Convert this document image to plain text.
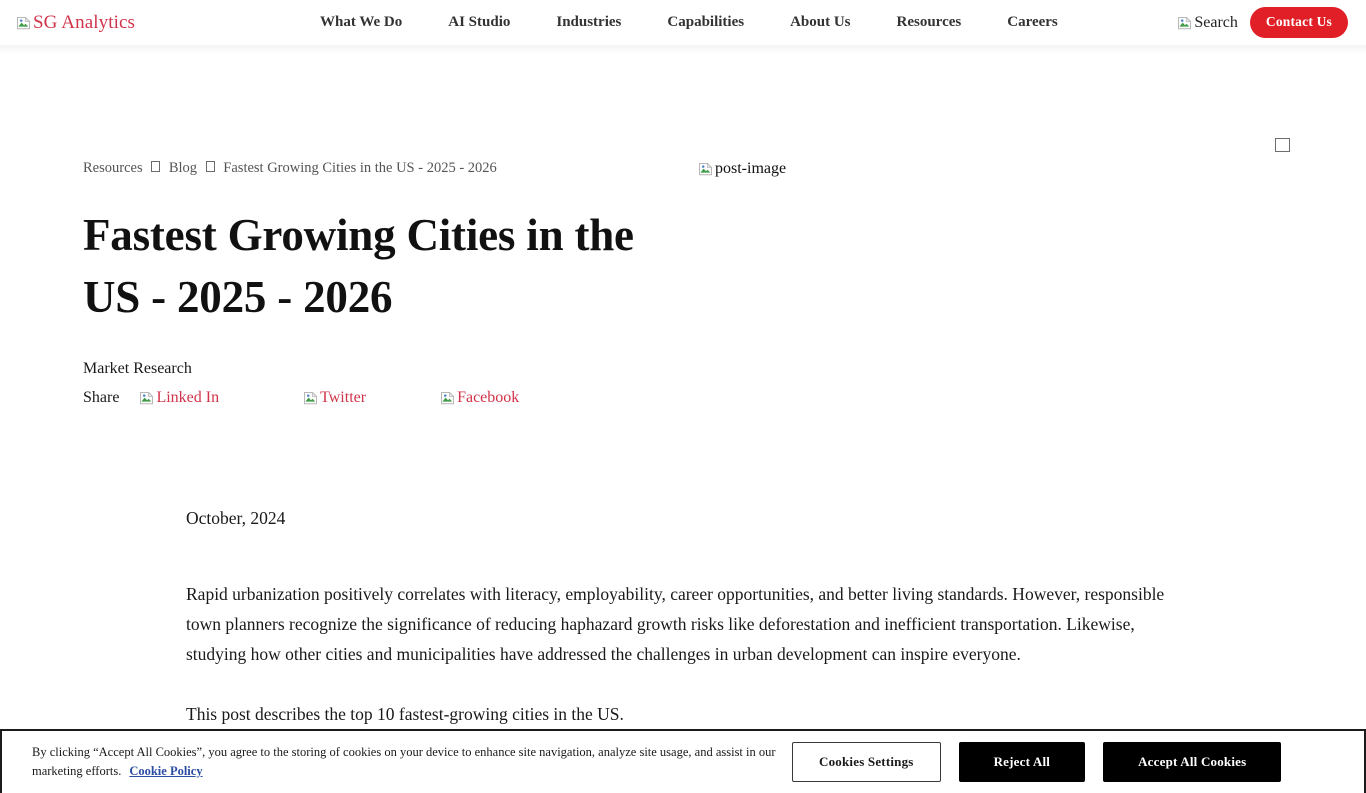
SG Analytics	What We Do	AI Studio	Industries	Capabilities	About Us	Resources	Careers	Search	Contact Us
Resources Blog Fastest Growing Cities in the US - 2025 - 2026	post-image
Fastest Growing Cities in the US - 2025 - 2026
Market Research
Share Linked In	Twitter	Facebook

October, 2024

Rapid urbanization positively correlates with literacy, employability, career opportunities, and better living standards. However, responsible town planners recognize the significance of reducing haphazard growth risks like deforestation and inefficient transportation. Likewise, studying how other cities and municipalities have addressed the challenges in urban development can inspire everyone.

This post describes the top 10 fastest-growing cities in the US.

By clicking “Accept All Cookies”, you agree to the storing of cookies on your device to enhance site navigation, analyze site usage, and assist in our marketing efforts. Cookie Policy
Cookies Settings	Reject All	Accept All Cookies
